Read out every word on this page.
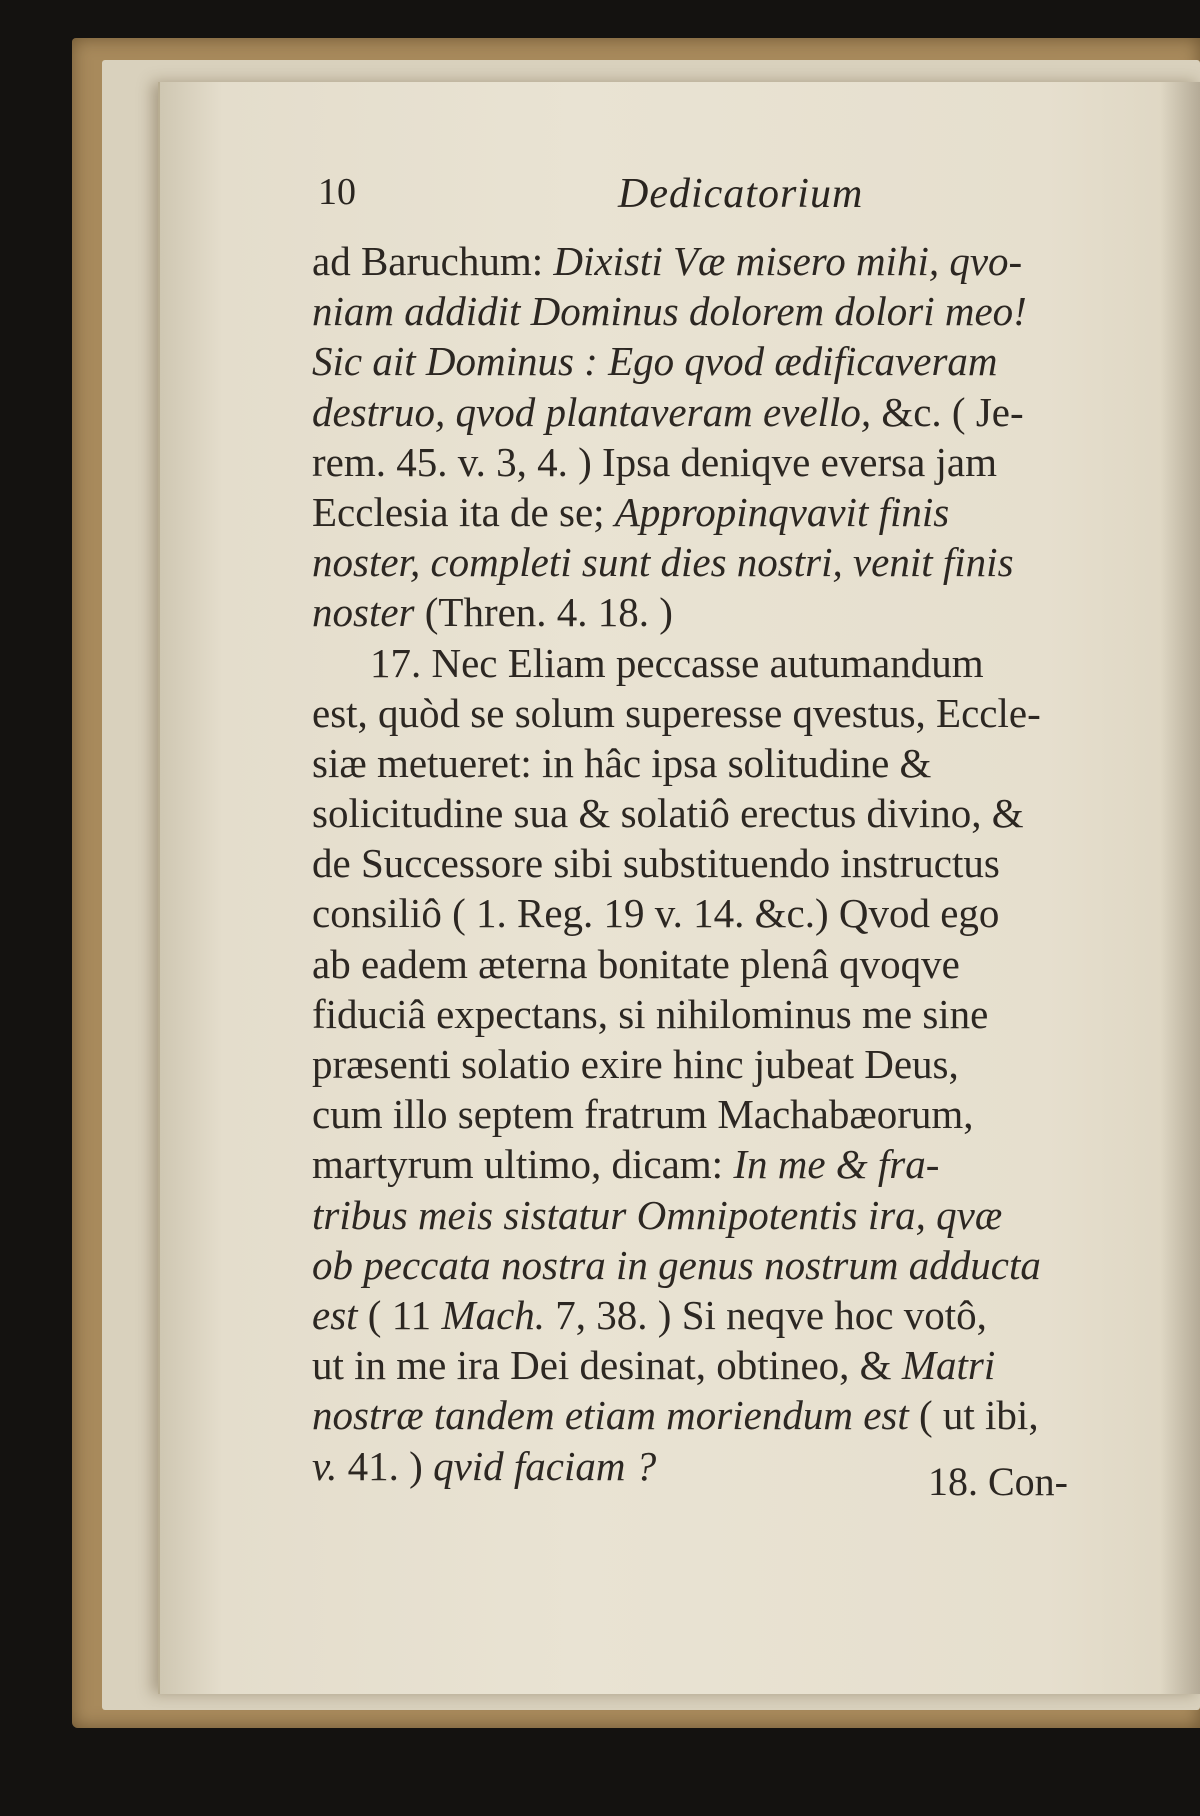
10	Dedicatorium
ad Baruchum: Dixisti Væ misero mihi, qvo-
niam addidit Dominus dolorem dolori meo!
Sic ait Dominus : Ego qvod ædificaveram
destruo, qvod plantaveram evello, &c. ( Je-
rem. 45. v. 3, 4. ) Ipsa deniqve eversa jam
Ecclesia ita de se; Appropinqvavit finis
noster, completi sunt dies nostri, venit finis
noster (Thren. 4. 18. )
17. Nec Eliam peccasse autumandum
est, quòd se solum superesse qvestus, Eccle-
siæ metueret: in hâc ipsa solitudine &
solicitudine sua & solatiô erectus divino, &
de Successore sibi substituendo instructus
consiliô ( 1. Reg. 19 v. 14. &c.) Qvod ego
ab eadem æterna bonitate plenâ qvoqve
fiduciâ expectans, si nihilominus me sine
præsenti solatio exire hinc jubeat Deus,
cum illo septem fratrum Machabæorum,
martyrum ultimo, dicam: In me & fra-
tribus meis sistatur Omnipotentis ira, qvæ
ob peccata nostra in genus nostrum adducta
est ( 11 Mach. 7, 38. ) Si neqve hoc votô,
ut in me ira Dei desinat, obtineo, & Matri
nostræ tandem etiam moriendum est ( ut ibi,
v. 41. ) qvid faciam ?	18. Con-
